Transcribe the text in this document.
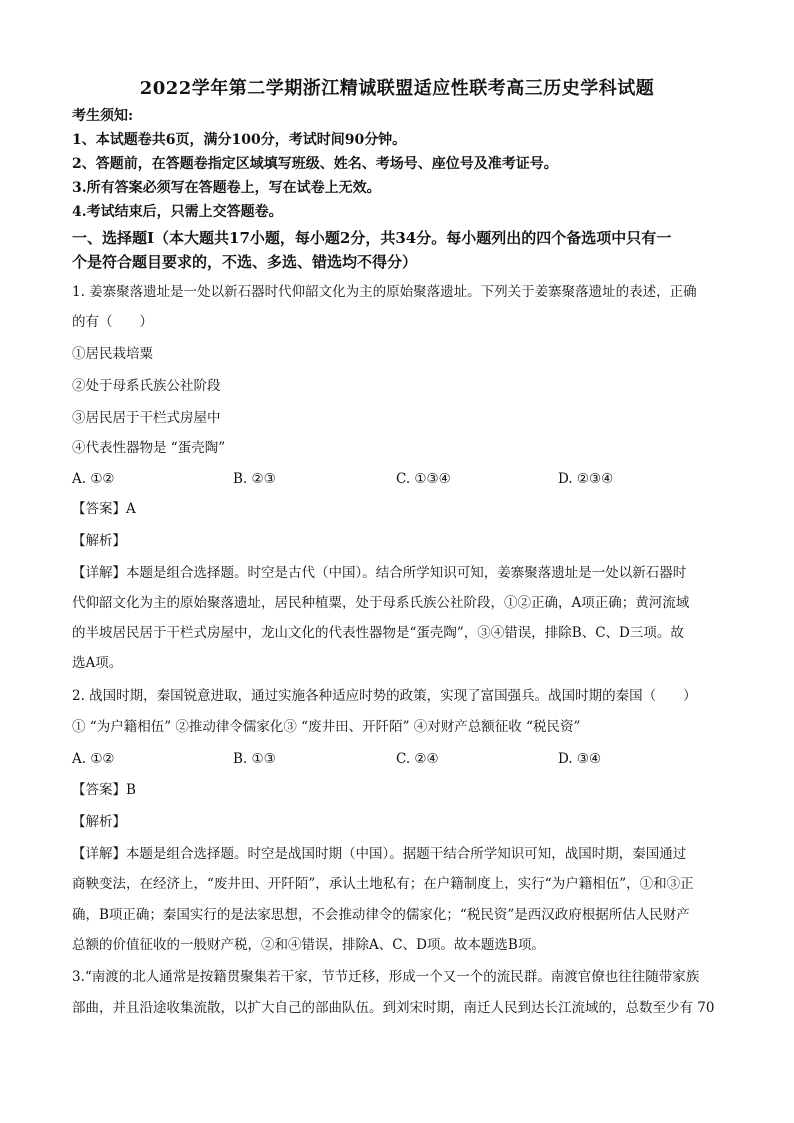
2022学年第二学期浙江精诚联盟适应性联考高三历史学科试题
考生须知:
1、本试题卷共6页，满分100分，考试时间90分钟。
2、答题前，在答题卷指定区域填写班级、姓名、考场号、座位号及准考证号。
3.所有答案必须写在答题卷上，写在试卷上无效。
4.考试结束后，只需上交答题卷。
一、选择题Ⅰ（本大题共17小题，每小题2分，共34分。每小题列出的四个备选项中只有一
个是符合题目要求的，不选、多选、错选均不得分）
1. 姜寨聚落遗址是一处以新石器时代仰韶文化为主的原始聚落遗址。下列关于姜寨聚落遗址的表述，正确
的有（　　）
①居民栽培粟
②处于母系氏族公社阶段
③居民居于干栏式房屋中
④代表性器物是 “蛋壳陶”
A. ①②	B. ②③	C. ①③④	D. ②③④
【答案】A
【解析】
【详解】本题是组合选择题。时空是古代（中国）。结合所学知识可知，姜寨聚落遗址是一处以新石器时
代仰韶文化为主的原始聚落遗址，居民种植粟，处于母系氏族公社阶段，①②正确，A项正确；黄河流域
的半坡居民居于干栏式房屋中，龙山文化的代表性器物是“蛋壳陶”，③④错误，排除B、C、D三项。故
选A项。
2. 战国时期，秦国锐意进取，通过实施各种适应时势的政策，实现了富国强兵。战国时期的秦国（　　）
① “为户籍相伍” ②推动律令儒家化③ “废井田、开阡陌” ④对财产总额征收 “税民资”
A. ①②	B. ①③	C. ②④	D. ③④
【答案】B
【解析】
【详解】本题是组合选择题。时空是战国时期（中国）。据题干结合所学知识可知，战国时期，秦国通过
商鞅变法，在经济上，“废井田、开阡陌”，承认土地私有；在户籍制度上，实行“为户籍相伍”，①和③正
确，B项正确；秦国实行的是法家思想，不会推动律令的儒家化；“税民资”是西汉政府根据所估人民财产
总额的价值征收的一般财产税，②和④错误，排除A、C、D项。故本题选B项。
3.“南渡的北人通常是按籍贯聚集若干家，节节迁移，形成一个又一个的流民群。南渡官僚也往往随带家族
部曲，并且沿途收集流散，以扩大自己的部曲队伍。到刘宋时期，南迁人民到达长江流域的，总数至少有 70
